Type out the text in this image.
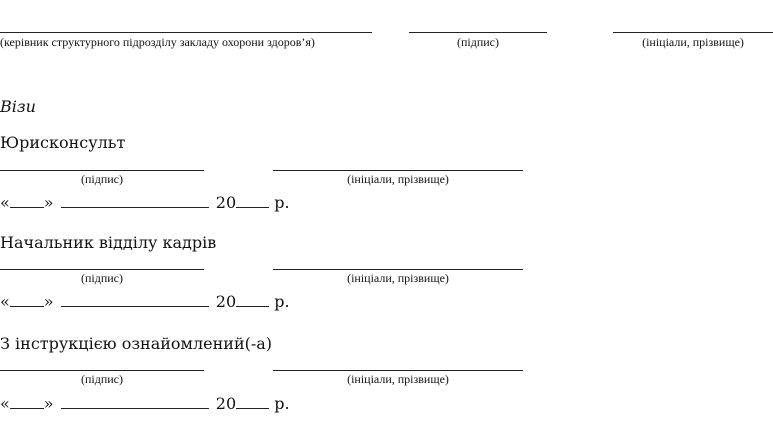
(керівник структурного підрозділу закладу охорони здоров’я)	(підпис)	(ініціали, прізвище)
Візи
Юрисконсульт
(підпис)	(ініціали, прізвище)
« »	20 р.
Начальник відділу кадрів
(підпис)	(ініціали, прізвище)
« »	20 р.
З інструкцією ознайомлений(-а)
(підпис)	(ініціали, прізвище)
« »	20 р.
